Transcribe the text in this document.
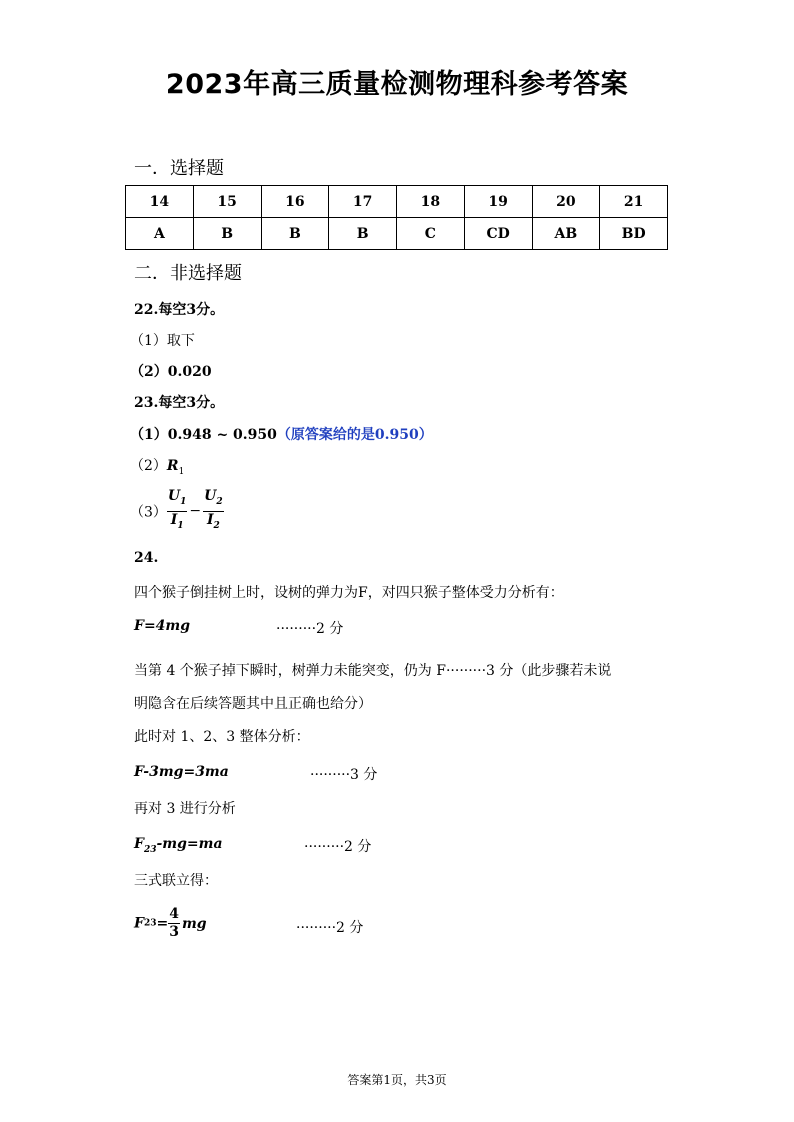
2023年高三质量检测物理科参考答案
一．选择题
14	15	16	17	18	19	20	21
A	B	B	B	C	CD	AB	BD
二．非选择题
22.每空3分。
（1）取下
（2）0.020
23.每空3分。
（1）0.948 ~ 0.950（原答案给的是0.950）
$(2)R_1$
$(3) \frac{U_1}{I_1} - \frac{U_2}{I_2}$
24.
四个猴子倒挂树上时，设树的弹力为F，对四只猴子整体受力分析有：
F=4mg	·········2 分
当第 4 个猴子掉下瞬时，树弹力未能突变，仍为 F·········3 分（此步骤若未说
明隐含在后续答题其中且正确也给分）
此时对 1、2、3 整体分析：
F-3mg=3ma	·········3 分
再对 3 进行分析
$F_{23}-mg=ma$	·········2 分
三式联立得：
$F23= \frac{4}{3}$ mg	·········2 分
答案第1页，共3页
